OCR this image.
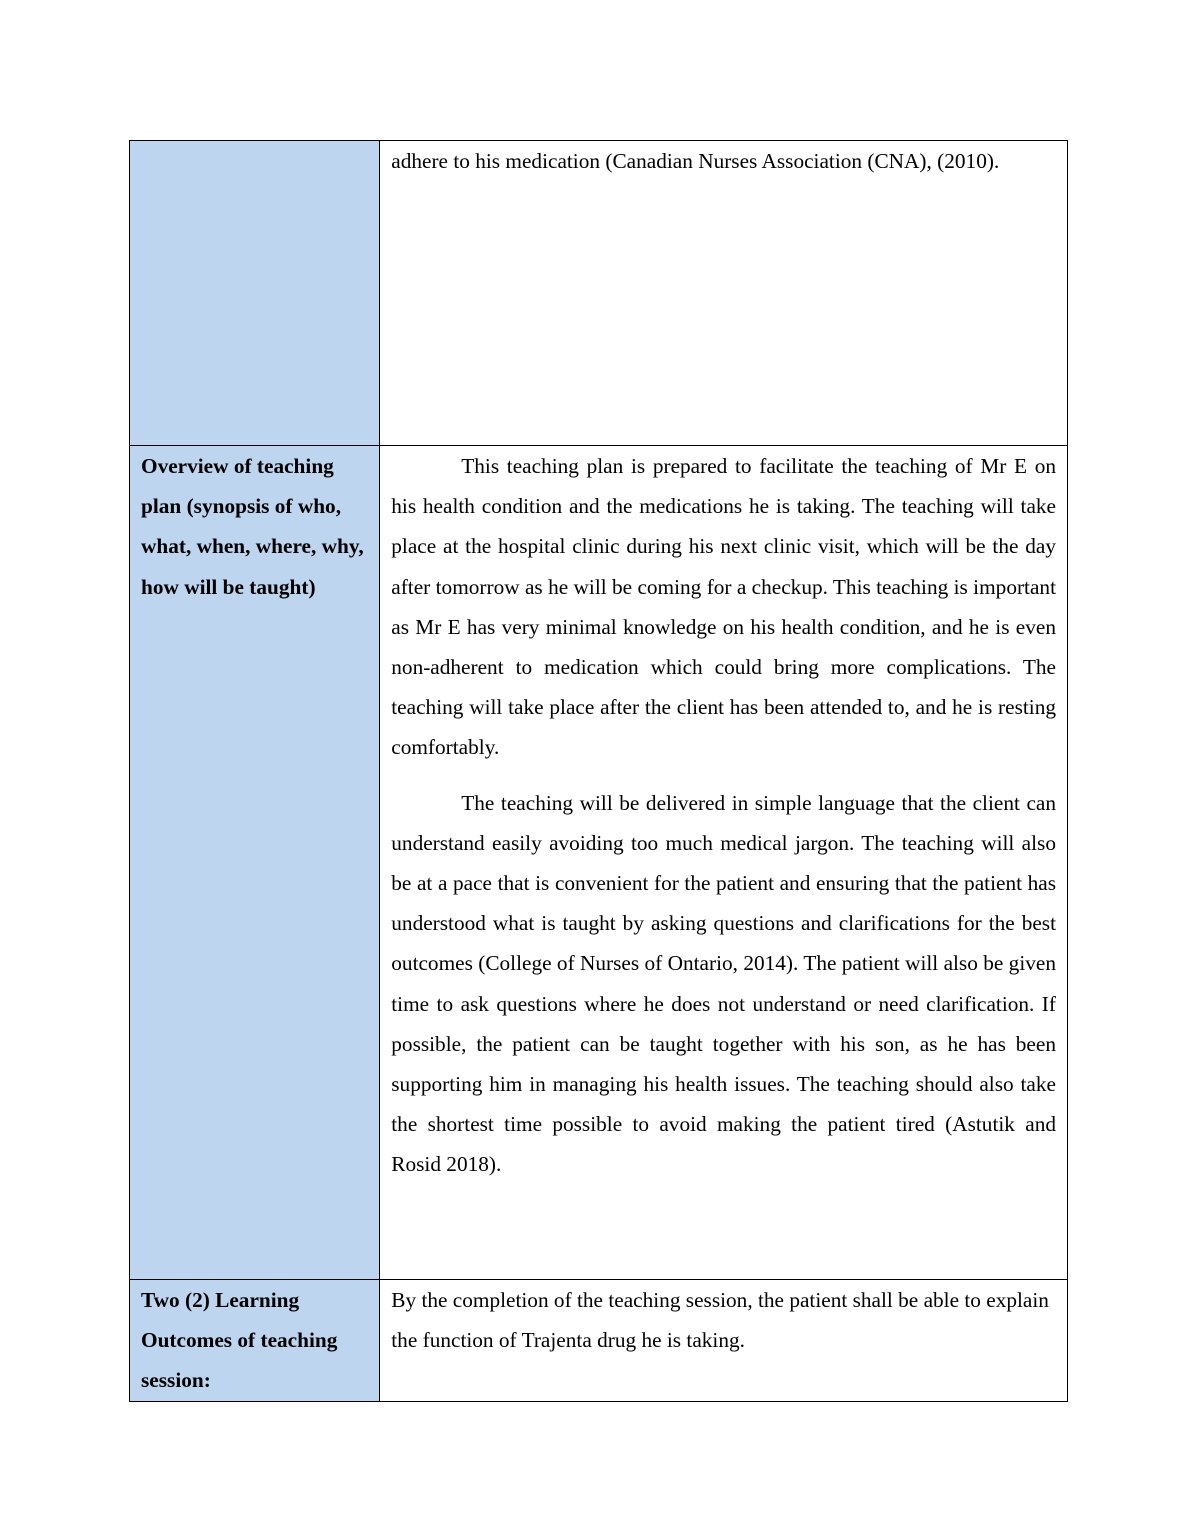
	adhere to his medication (Canadian Nurses Association (CNA), (2010).

Overview of teaching plan (synopsis of who, what, when, where, why, how will be taught)	This teaching plan is prepared to facilitate the teaching of Mr E on his health condition and the medications he is taking. The teaching will take place at the hospital clinic during his next clinic visit, which will be the day after tomorrow as he will be coming for a checkup. This teaching is important as Mr E has very minimal knowledge on his health condition, and he is even non-adherent to medication which could bring more complications. The teaching will take place after the client has been attended to, and he is resting comfortably.

The teaching will be delivered in simple language that the client can understand easily avoiding too much medical jargon. The teaching will also be at a pace that is convenient for the patient and ensuring that the patient has understood what is taught by asking questions and clarifications for the best outcomes (College of Nurses of Ontario, 2014). The patient will also be given time to ask questions where he does not understand or need clarification. If possible, the patient can be taught together with his son, as he has been supporting him in managing his health issues. The teaching should also take the shortest time possible to avoid making the patient tired (Astutik and Rosid 2018).

Two (2) Learning Outcomes of teaching session:	By the completion of the teaching session, the patient shall be able to explain the function of Trajenta drug he is taking.
